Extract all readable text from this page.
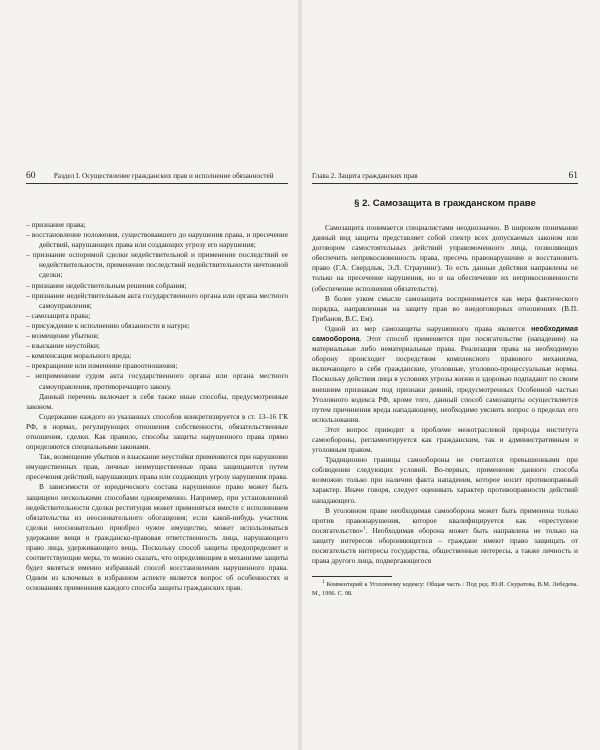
60	Раздел I. Осуществление гражданских прав и исполнение обязанностей

– признание права;

– восстановление положения, существовавшего до нарушения права, и пресечение действий, нарушающих права или создающих угрозу его нарушения;

– признание оспоримой сделки недействительной и применение последствий ее недействительности, применение последствий недействительности ничтожной сделки;

– признание недействительным решения собрания;

– признание недействительным акта государственного органа или органа местного самоуправления;

– самозащита права;

– присуждение к исполнению обязанности в натуре;

– возмещение убытков;

– взыскание неустойки;

– компенсация морального вреда;

– прекращение или изменение правоотношения;

– неприменение судом акта государственного органа или органа местного самоуправления, противоречащего закону.

Данный перечень включает в себя также иные способы, предусмотренные законом.

Содержание каждого из указанных способов конкретизируется в ст. 13–16 ГК РФ, в нормах, регулирующих отношения собственности, обязательственные отношения, сделки. Как правило, способы защиты нарушенного права прямо определяются специальными законами.

Так, возмещение убытков и взыскание неустойки применяются при нарушении имущественных прав, личные неимущественные права защищаются путем пресечения действий, нарушающих права или создающих угрозу нарушения права.

В зависимости от юридического состава нарушенное право может быть защищено несколькими способами одновременно. Например, при установленной недействительности сделки реституция может применяться вместе с исполнением обязательства из неосновательного обогащения; если какой-нибудь участник сделки неосновательно приобрел чужое имущество, может использоваться удержание вещи и гражданско-правовая ответственность лица, нарушающего право лица, удерживающего вещь. Поскольку способ защиты предопределяет и соответствующие меры, то можно сказать, что определяющим в механизме защиты будет являться именно избранный способ восстановления нарушенного права. Одним из ключевых в избранном аспекте является вопрос об особенностях и основаниях применения каждого способа защиты гражданских прав.

Глава 2. Защита гражданских прав	61
§ 2. Самозащита в гражданском праве

Самозащита понимается специалистами неоднозначно. В широком понимании данный вид защиты представляет собой спектр всех допускаемых законом или договором самостоятельных действий управомоченного лица, позволяющих обеспечить неприкосновенность права, пресечь правонарушение и восстановить право (Г.А. Свердлык, Э.Л. Страунинг). То есть данные действия направлены не только на пресечение нарушения, но и на обеспечение их неприкосновенности (обеспечение исполнения обязательств).

В более узком смысле самозащита воспринимается как мера фактического порядка, направленная на защиту прав во внедоговорных отношениях (В.П. Грибанов, В.С. Ем).

Одной из мер самозащиты нарушенного права является необходимая самооборона. Этот способ применяется при посягательстве (нападении) на материальные либо нематериальные права. Реализация права на необходимую оборону происходит посредством комплексного правового механизма, включающего в себя гражданские, уголовные, уголовно-процессуальные нормы. Поскольку действия лица в условиях угрозы жизни и здоровью подпадают по своим внешним признакам под признаки деяний, предусмотренных Особенной частью Уголовного кодекса РФ, кроме того, данный способ самозащиты осуществляется путем причинения вреда нападающему, необходимо уяснить вопрос о пределах его использования.

Этот вопрос приводит к проблеме межотраслевой природы института самообороны, регламентируется как гражданским, так и административным и уголовным правом.

Традиционно границы самообороны не считаются превышенными при соблюдении следующих условий. Во-первых, применение данного способа возможно только при наличии факта нападения, которое носит противоправный характер. Иначе говоря, следует оценивать характер противоправности действий нападающего.

В уголовном праве необходимая самооборона может быть применена только против правонарушения, которое квалифицируется как «преступное посягательство»$^1$. Необходимая оборона может быть направлена не только на защиту интересов обороняющегося – граждане имеют право защищать от посягательств интересы государства, общественные интересы, а также личность и права другого лица, подвергающегося

$^1$ Комментарий к Уголовному кодексу: Общая часть / Под ред. Ю.И. Скуратова, В.М. Лебедева. М., 1996. С. 98.
